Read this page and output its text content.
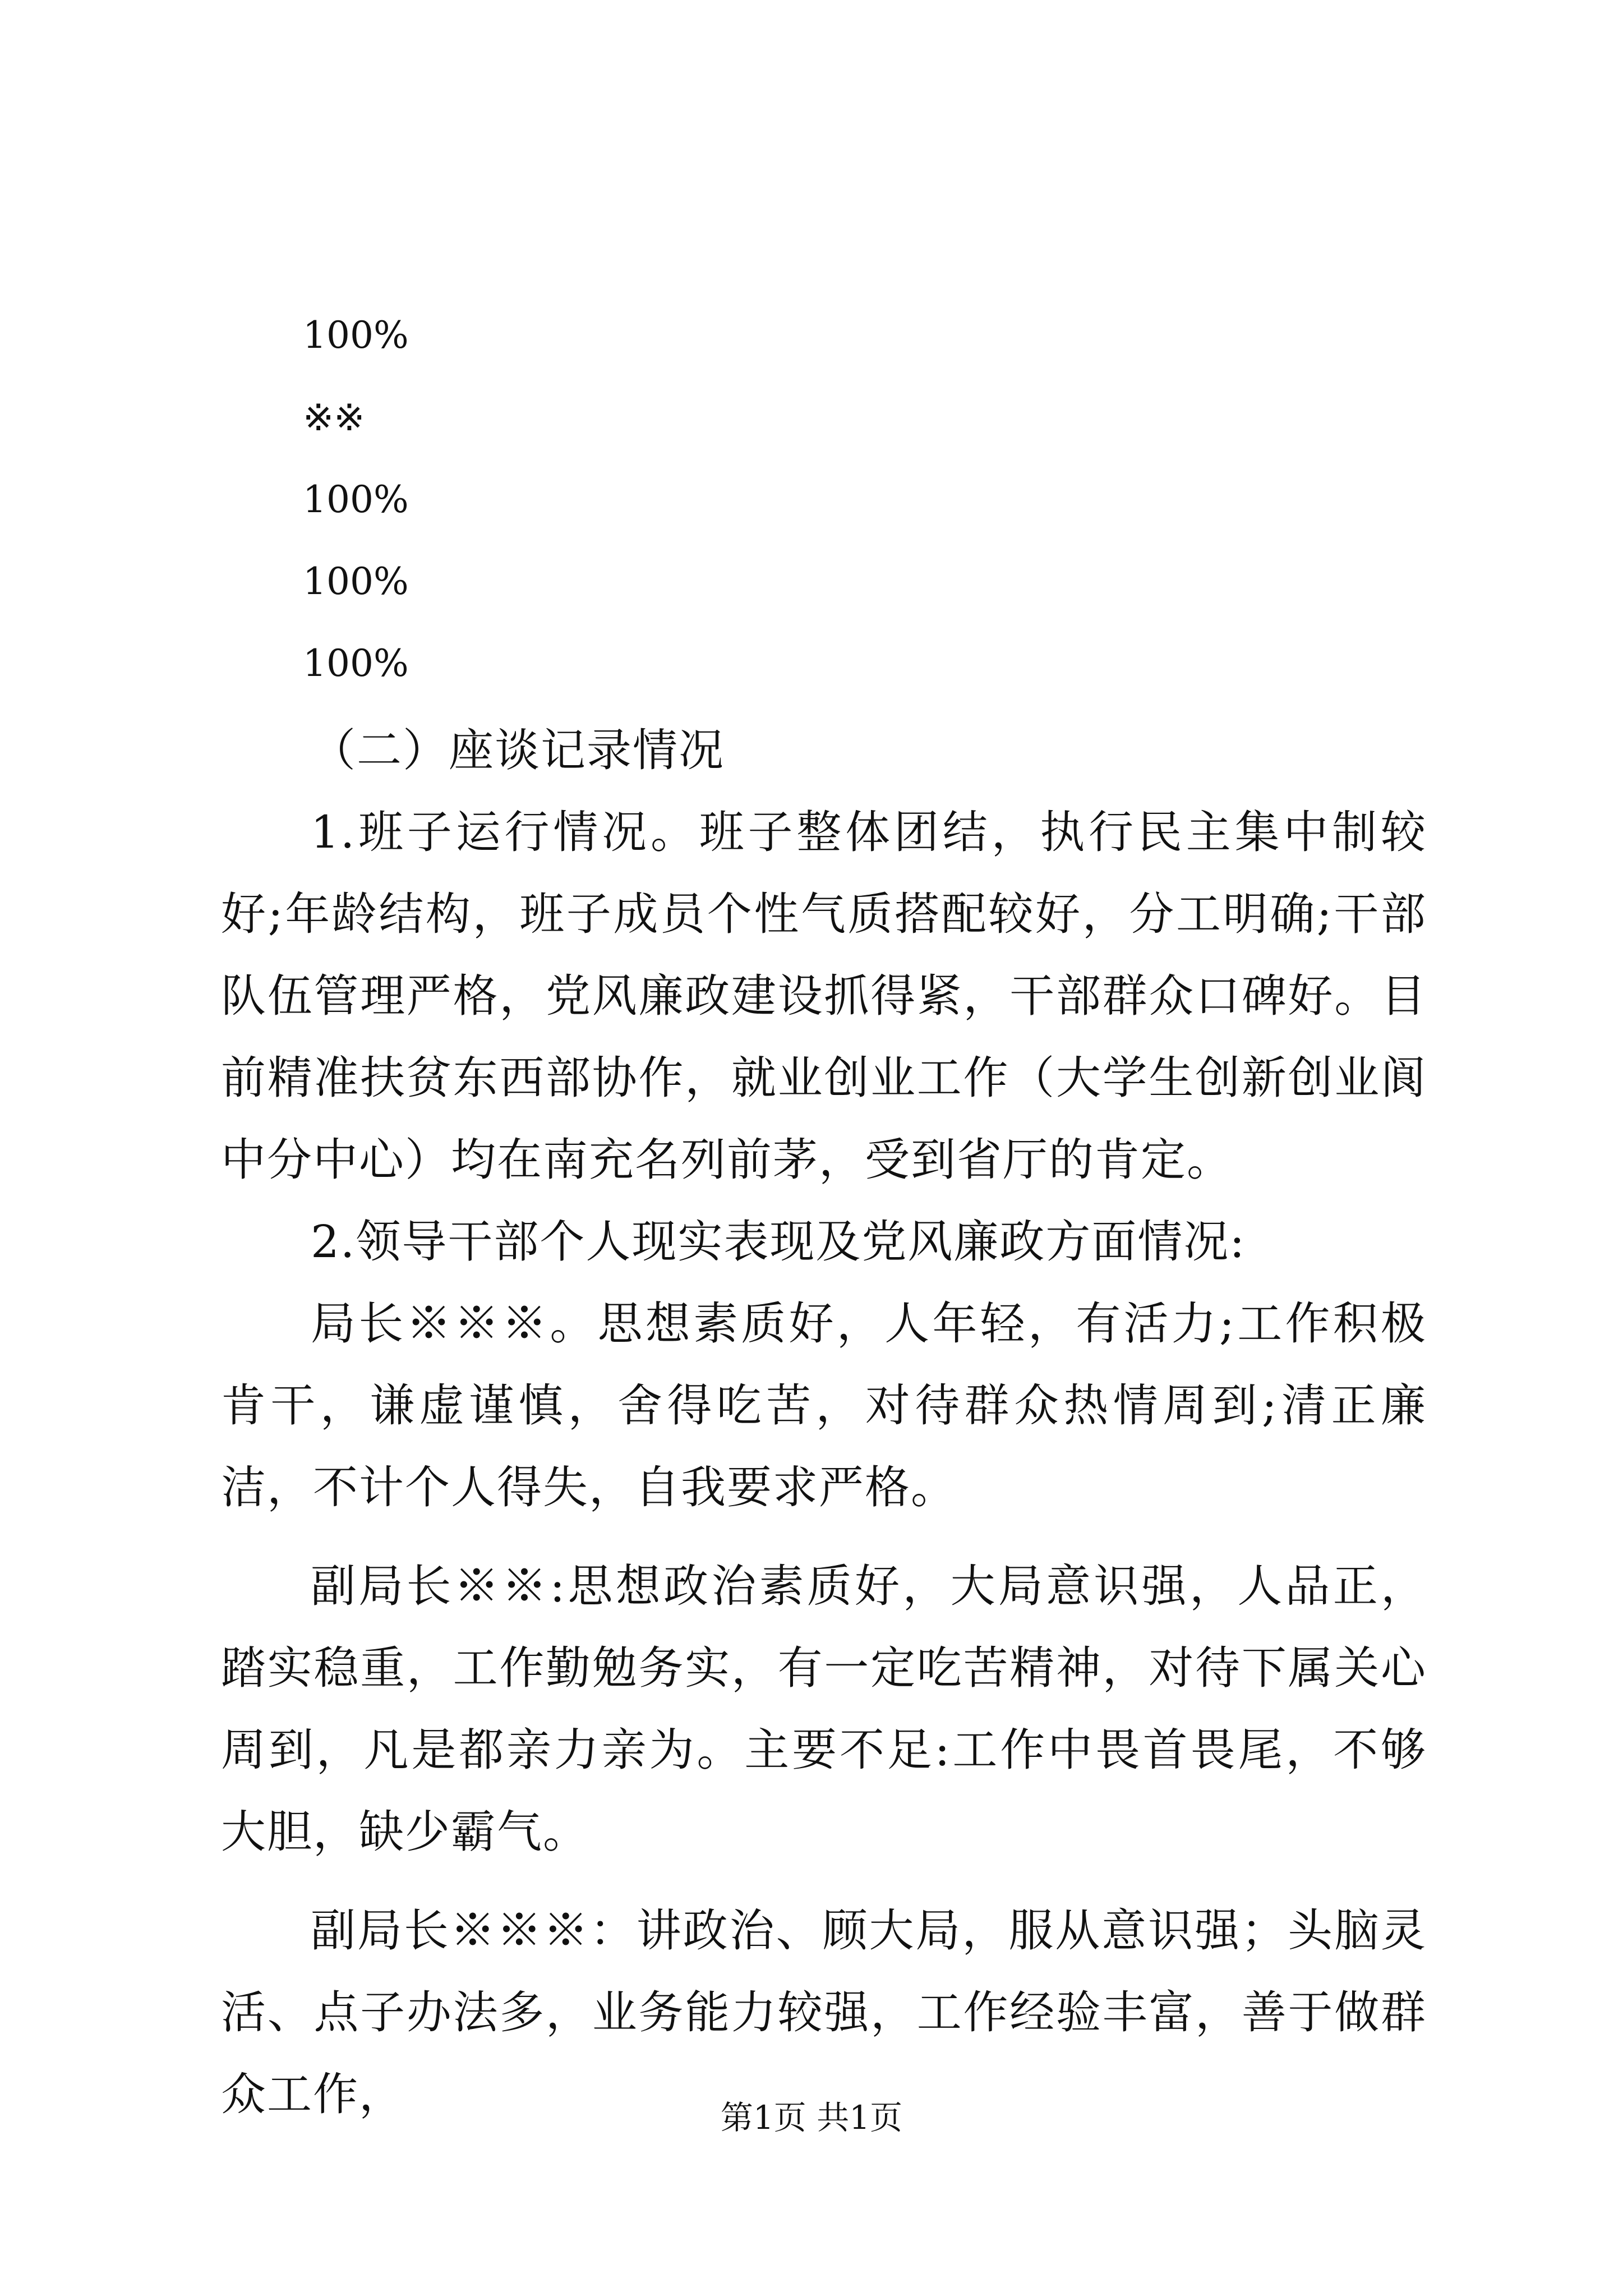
100%
※※
100%
100%
100%

（二）座谈记录情况

1.班子运行情况。班子整体团结，执行民主集中制较好;年龄结构，班子成员个性气质搭配较好，分工明确;干部队伍管理严格，党风廉政建设抓得紧，干部群众口碑好。目前精准扶贫东西部协作，就业创业工作（大学生创新创业阆中分中心）均在南充名列前茅，受到省厅的肯定。

2.领导干部个人现实表现及党风廉政方面情况:

局长※※※。思想素质好，人年轻，有活力;工作积极肯干，谦虚谨慎，舍得吃苦，对待群众热情周到;清正廉洁，不计个人得失，自我要求严格。

副局长※※:思想政治素质好，大局意识强，人品正，踏实稳重，工作勤勉务实，有一定吃苦精神，对待下属关心周到，凡是都亲力亲为。主要不足:工作中畏首畏尾，不够大胆，缺少霸气。

副局长※※※：讲政治、顾大局，服从意识强；头脑灵活、点子办法多，业务能力较强，工作经验丰富，善于做群众工作，	第1页 共1页
